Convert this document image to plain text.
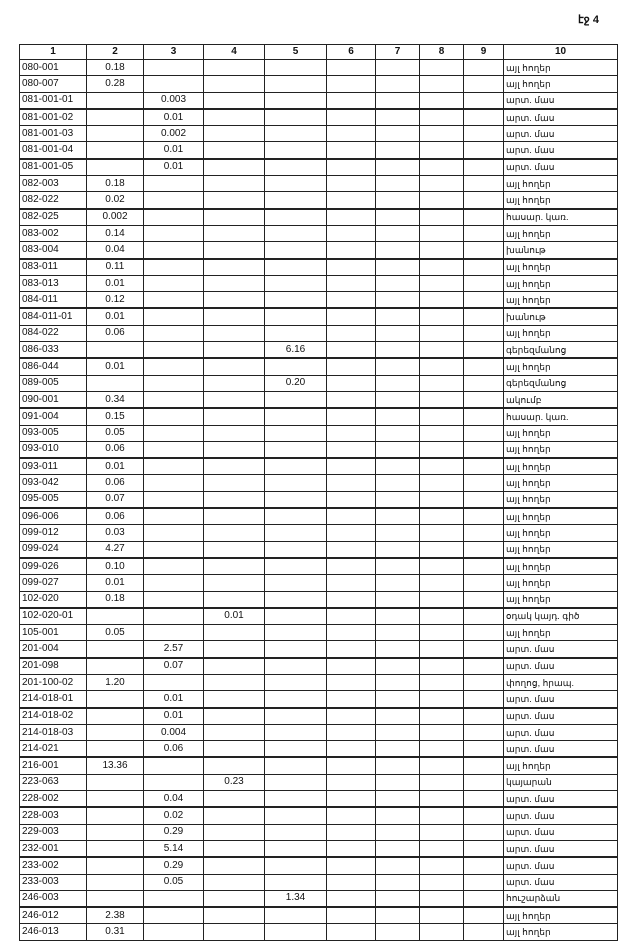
էջ 4
1	2	3	4	5	6	7	8	9	10
080-001	0.18								այլ հողեր
080-007	0.28								այլ հողեր
081-001-01		0.003							արտ. մաս
081-001-02		0.01							արտ. մաս
081-001-03		0.002							արտ. մաս
081-001-04		0.01							արտ. մաս
081-001-05		0.01							արտ. մաս
082-003	0.18								այլ հողեր
082-022	0.02								այլ հողեր
082-025	0.002								հասար. կառ.
083-002	0.14								այլ հողեր
083-004	0.04								խանութ
083-011	0.11								այլ հողեր
083-013	0.01								այլ հողեր
084-011	0.12								այլ հողեր
084-011-01	0.01								խանութ
084-022	0.06								այլ հողեր
086-033				6.16					գերեզմանոց
086-044	0.01								այլ հողեր
089-005				0.20					գերեզմանոց
090-001	0.34								ակումբ
091-004	0.15								հասար. կառ.
093-005	0.05								այլ հողեր
093-010	0.06								այլ հողեր
093-011	0.01								այլ հողեր
093-042	0.06								այլ հողեր
095-005	0.07								այլ հողեր
096-006	0.06								այլ հողեր
099-012	0.03								այլ հողեր
099-024	4.27								այլ հողեր
099-026	0.10								այլ հողեր
099-027	0.01								այլ հողեր
102-020	0.18								այլ հողեր
102-020-01			0.01						օդակ կայդ. գիծ
105-001	0.05								այլ հողեր
201-004		2.57							արտ. մաս
201-098		0.07							արտ. մաս
201-100-02	1.20								փողոց, հրապ.
214-018-01		0.01							արտ. մաս
214-018-02		0.01							արտ. մաս
214-018-03		0.004							արտ. մաս
214-021		0.06							արտ. մաս
216-001	13.36								այլ հողեր
223-063			0.23						կայարան
228-002		0.04							արտ. մաս
228-003		0.02							արտ. մաս
229-003		0.29							արտ. մաս
232-001		5.14							արտ. մաս
233-002		0.29							արտ. մաս
233-003		0.05							արտ. մաս
246-003				1.34					հուշարձան
246-012	2.38								այլ հողեր
246-013	0.31								այլ հողեր
